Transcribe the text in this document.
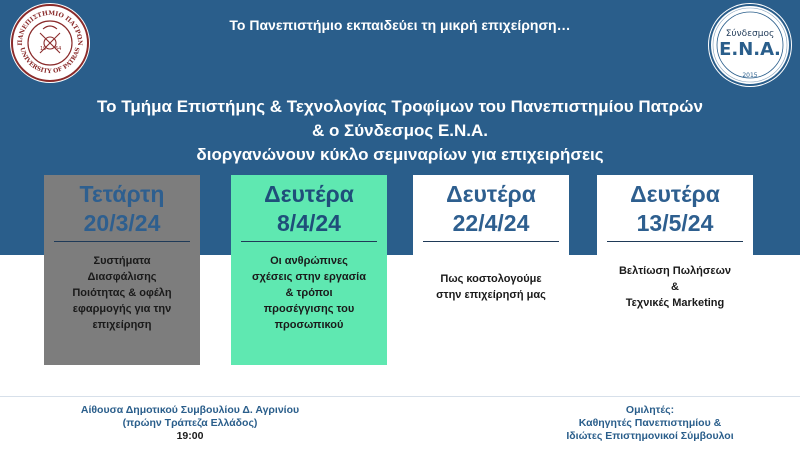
ΠΑΝΕΠΙΣΤΗΜΙΟ ΠΑΤΡΩΝ
UNIVERSITY OF PATRAS
19 64
Σύνδεσμος
Ε.Ν.Α.
2015
Το Πανεπιστήμιο εκπαιδεύει τη μικρή επιχείρηση…
Το Τμήμα Επιστήμης & Τεχνολογίας Τροφίμων του Πανεπιστημίου Πατρών
& ο Σύνδεσμος Ε.Ν.Α.
διοργανώνουν κύκλο σεμιναρίων για επιχειρήσεις
Τετάρτη
20/3/24
Συστήματα
Διασφάλισης
Ποιότητας & οφέλη
εφαρμογής για την
επιχείρηση
Δευτέρα
8/4/24
Οι ανθρώπινες
σχέσεις στην εργασία
& τρόποι
προσέγγισης του
προσωπικού
Δευτέρα
22/4/24
Πως κοστολογούμε
στην επιχείρησή μας
Δευτέρα
13/5/24
Βελτίωση Πωλήσεων
&
Τεχνικές Marketing
Αίθουσα Δημοτικού Συμβουλίου Δ. Αγρινίου
(πρώην Τράπεζα Ελλάδος)
19:00
Ομιλητές:
Καθηγητές Πανεπιστημίου &
Ιδιώτες Επιστημονικοί Σύμβουλοι
